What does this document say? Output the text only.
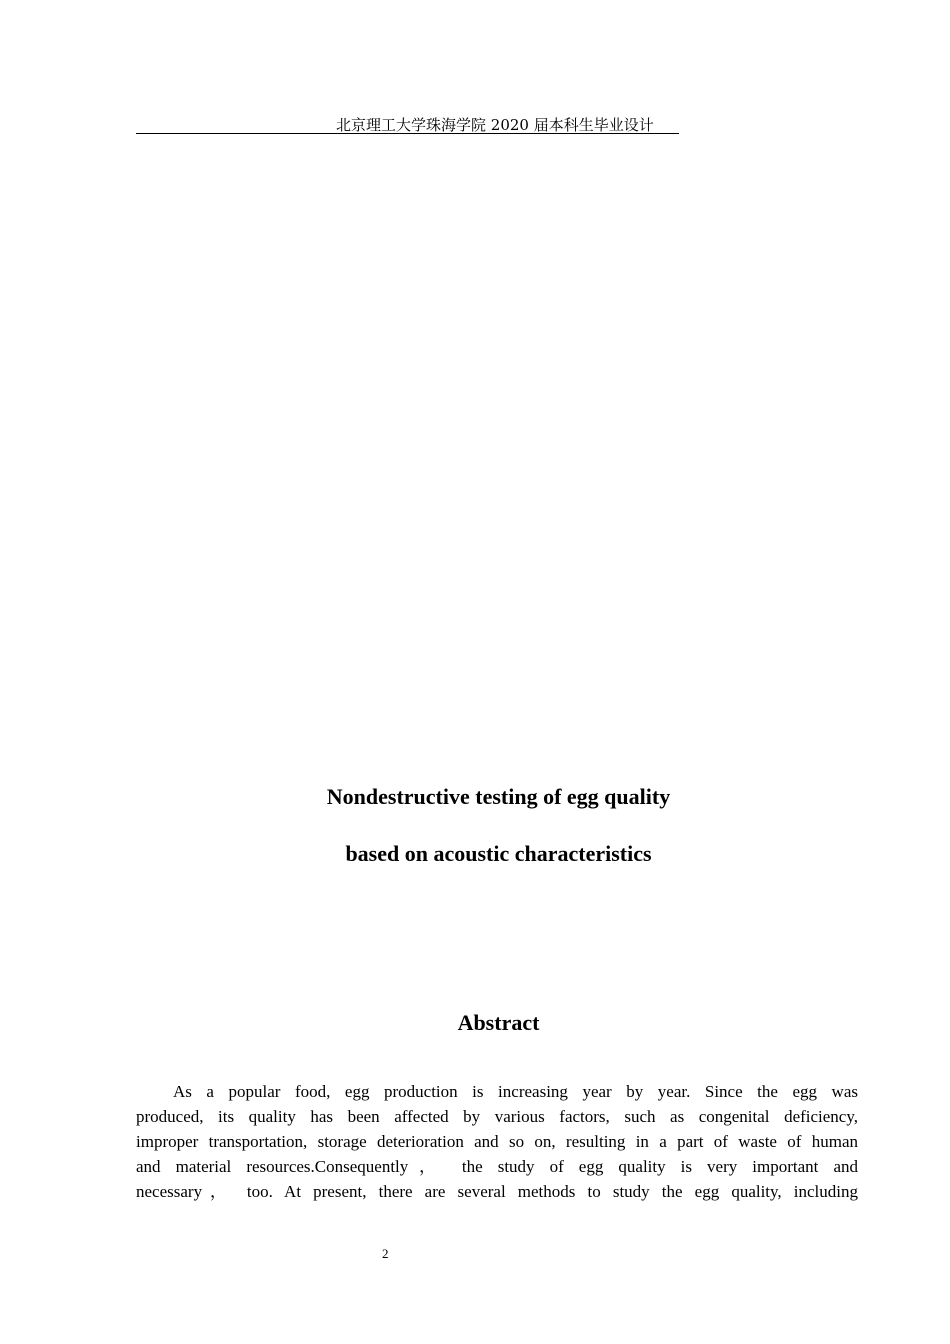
北京理工大学珠海学院 2020 届本科生毕业设计
Nondestructive testing of egg quality
based on acoustic characteristics
Abstract
As a popular food, egg production is increasing year by year. Since the egg was
produced, its quality has been affected by various factors, such as congenital deficiency,
improper transportation, storage deterioration and so on, resulting in a part of waste of human
and material resources.Consequently， the study of egg quality is very important and
necessary， too. At present, there are several methods to study the egg quality, including
2
